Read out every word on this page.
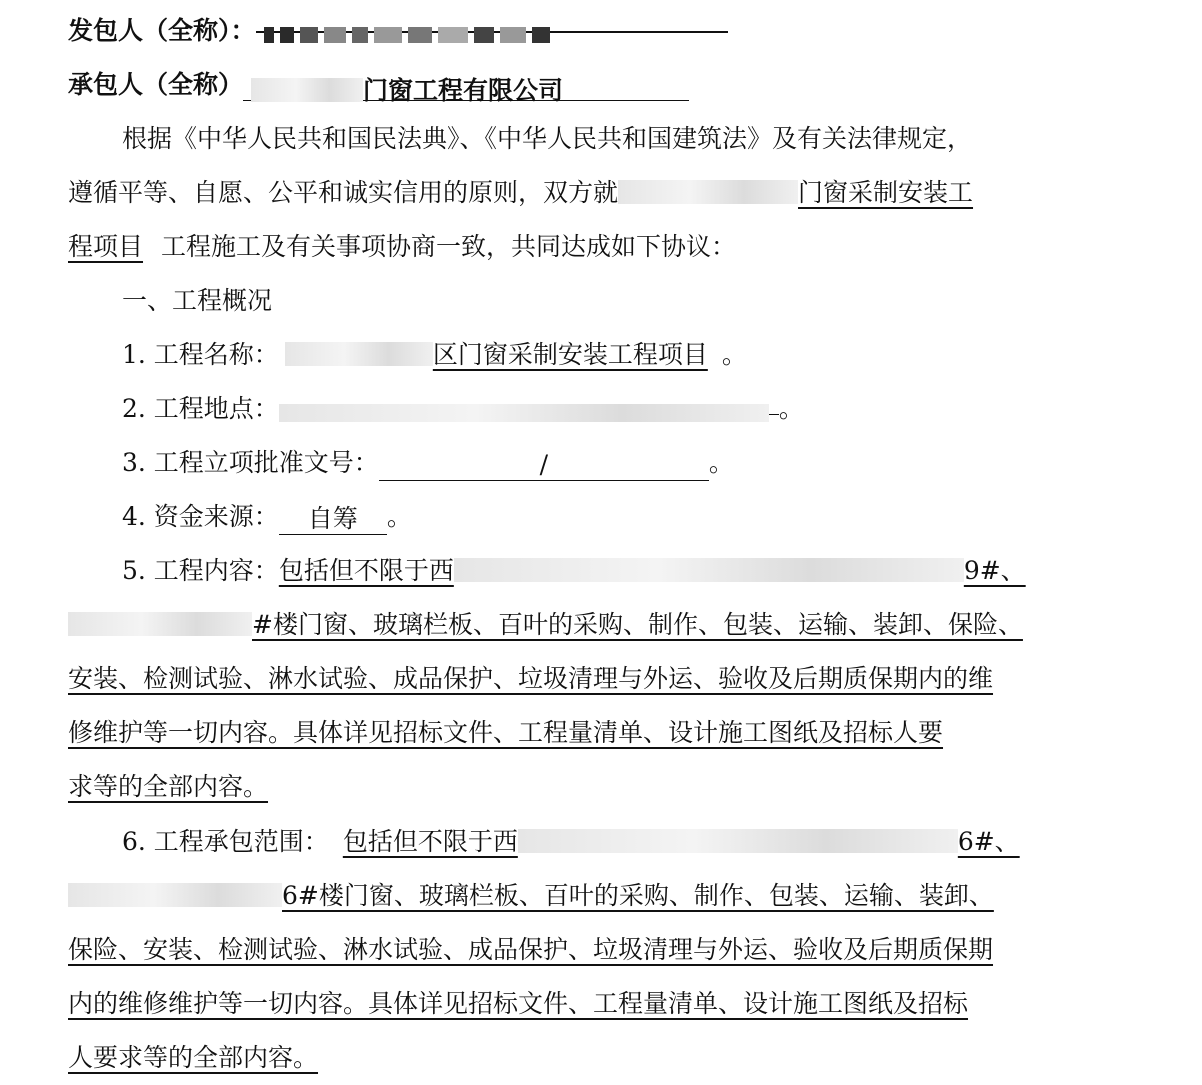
发包人（全称）：
承包人（全称）	门窗工程有限公司
根据《中华人民共和国民法典》、《中华人民共和国建筑法》及有关法律规定，
遵循平等、自愿、公平和诚实信用的原则，双方就	门窗采制安装工
程项目 工程施工及有关事项协商一致，共同达成如下协议：
一、工程概况
1. 工程名称：	区门窗采制安装工程项目 。
2. 工程地点：	。
3. 工程立项批准文号：	/	。
4. 资金来源： 自筹 。
5. 工程内容：包括但不限于西	9#、
#楼门窗、玻璃栏板、百叶的采购、制作、包装、运输、装卸、保险、
安装、检测试验、淋水试验、成品保护、垃圾清理与外运、验收及后期质保期内的维
修维护等一切内容。具体详见招标文件、工程量清单、设计施工图纸及招标人要
求等的全部内容。
6. 工程承包范围： 包括但不限于西	6#、
6#楼门窗、玻璃栏板、百叶的采购、制作、包装、运输、装卸、
保险、安装、检测试验、淋水试验、成品保护、垃圾清理与外运、验收及后期质保期
内的维修维护等一切内容。具体详见招标文件、工程量清单、设计施工图纸及招标
人要求等的全部内容。
